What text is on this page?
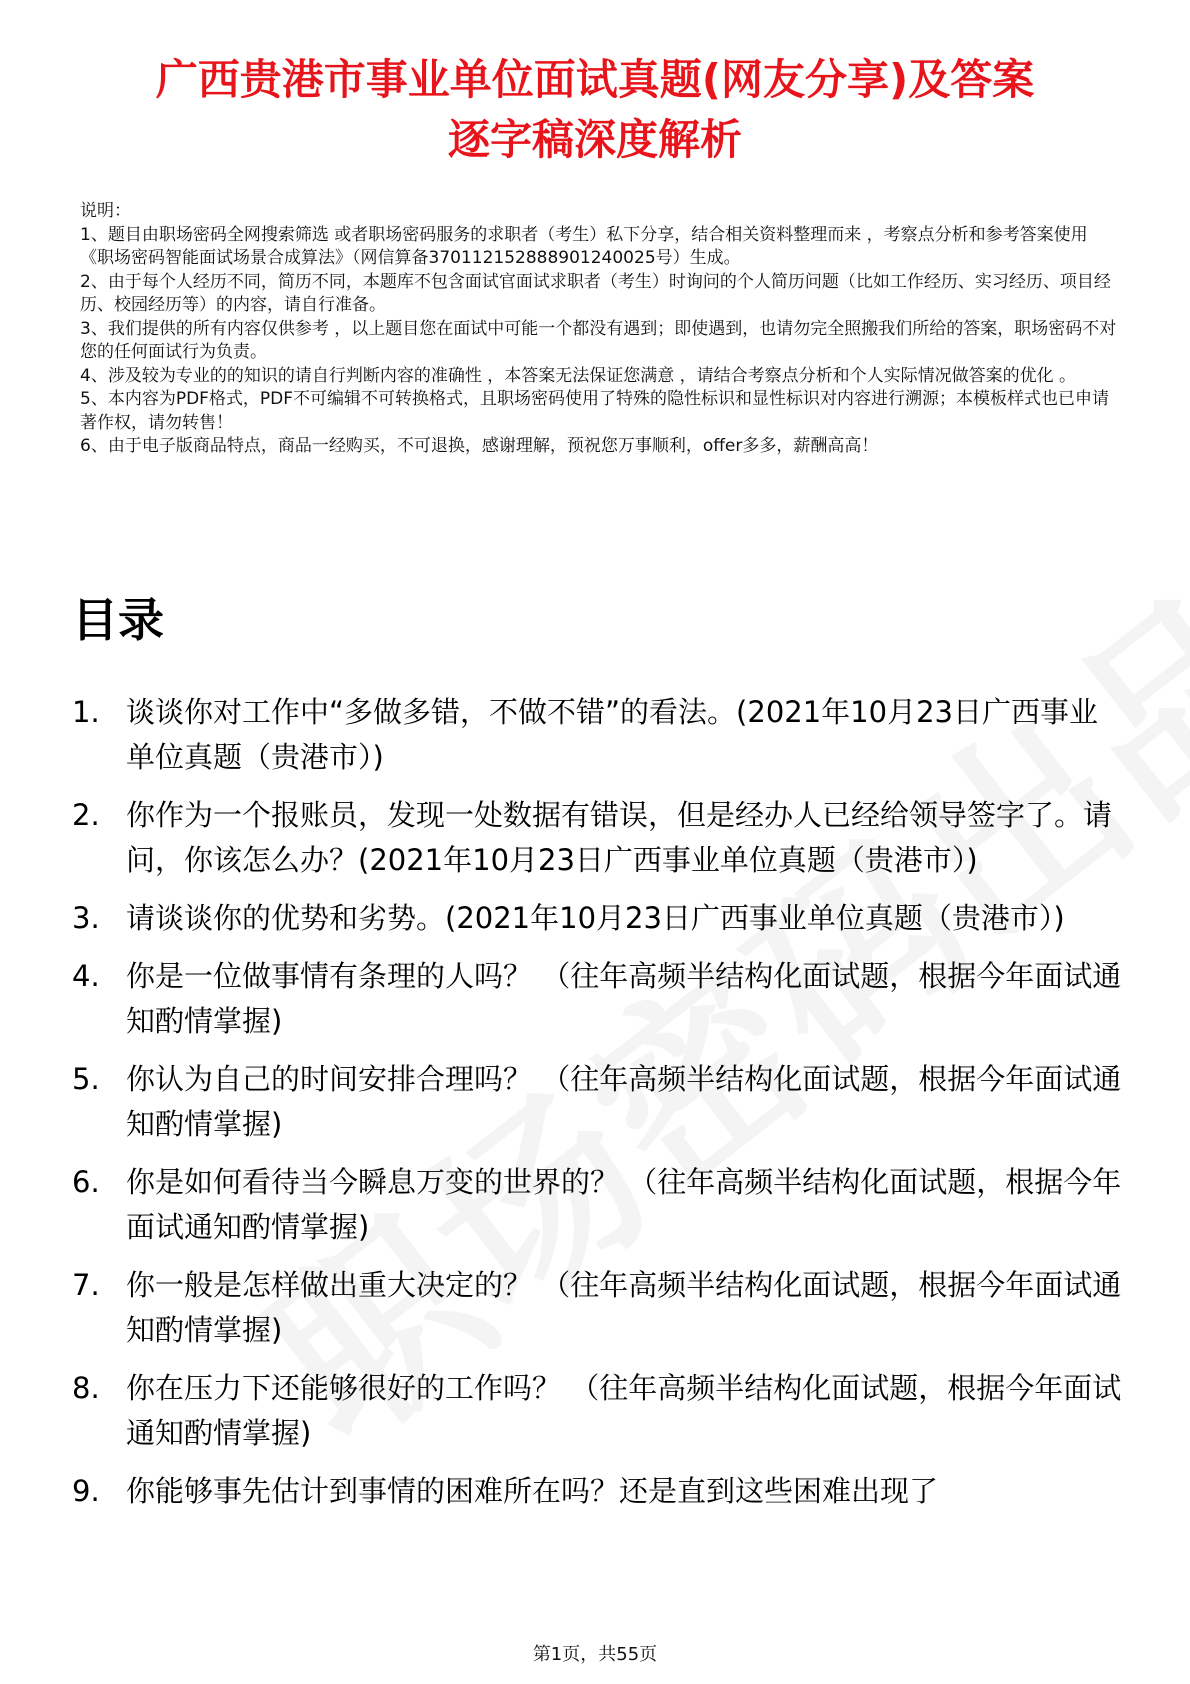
广西贵港市事业单位面试真题(网友分享)及答案
逐字稿深度解析
说明：
1、题目由职场密码全网搜索筛选 或者职场密码服务的求职者（考生）私下分享，结合相关资料整理而来 ，考察点分析和参考答案使用《职场密码智能面试场景合成算法》（网信算备370112152888901240025号）生成。
2、由于每个人经历不同，简历不同，本题库不包含面试官面试求职者（考生）时询问的个人简历问题（比如工作经历、实习经历、项目经历、校园经历等）的内容，请自行准备。
3、我们提供的所有内容仅供参考 ，以上题目您在面试中可能一个都没有遇到；即使遇到，也请勿完全照搬我们所给的答案，职场密码不对您的任何面试行为负责。
4、涉及较为专业的的知识的请自行判断内容的准确性 ，本答案无法保证您满意 ，请结合考察点分析和个人实际情况做答案的优化 。
5、本内容为PDF格式，PDF不可编辑不可转换格式，且职场密码使用了特殊的隐性标识和显性标识对内容进行溯源；本模板样式也已申请著作权，请勿转售！
6、由于电子版商品特点，商品一经购买，不可退换，感谢理解，预祝您万事顺利，offer多多，薪酬高高！
目录
1. 谈谈你对工作中“多做多错，不做不错”的看法。(2021年10月23日广西事业单位真题（贵港市）)
2. 你作为一个报账员，发现一处数据有错误，但是经办人已经给领导签字了。请问，你该怎么办？(2021年10月23日广西事业单位真题（贵港市）)
3. 请谈谈你的优势和劣势。(2021年10月23日广西事业单位真题（贵港市）)
4. 你是一位做事情有条理的人吗？ （往年高频半结构化面试题，根据今年面试通知酌情掌握)
5. 你认为自己的时间安排合理吗？ （往年高频半结构化面试题，根据今年面试通知酌情掌握)
6. 你是如何看待当今瞬息万变的世界的？ （往年高频半结构化面试题，根据今年面试通知酌情掌握)
7. 你一般是怎样做出重大决定的？ （往年高频半结构化面试题，根据今年面试通知酌情掌握)
8. 你在压力下还能够很好的工作吗？ （往年高频半结构化面试题，根据今年面试通知酌情掌握)
9. 你能够事先估计到事情的困难所在吗？还是直到这些困难出现了
第1页，共55页
